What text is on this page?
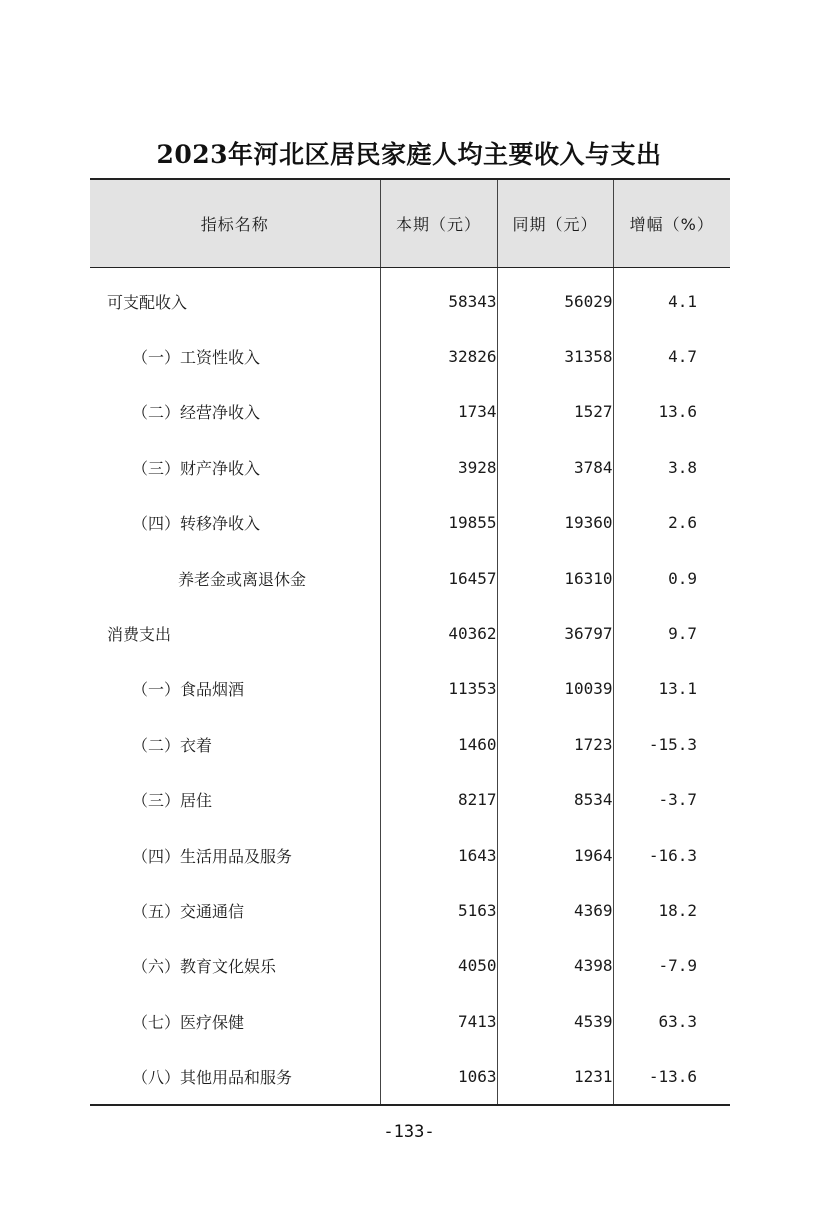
2023年河北区居民家庭人均主要收入与支出
指标名称	本期（元）	同期（元）	增幅（%）
可支配收入	58343	56029	4.1
（一）工资性收入	32826	31358	4.7
（二）经营净收入	1734	1527	13.6
（三）财产净收入	3928	3784	3.8
（四）转移净收入	19855	19360	2.6
养老金或离退休金	16457	16310	0.9
消费支出	40362	36797	9.7
（一）食品烟酒	11353	10039	13.1
（二）衣着	1460	1723	-15.3
（三）居住	8217	8534	-3.7
（四）生活用品及服务	1643	1964	-16.3
（五）交通通信	5163	4369	18.2
（六）教育文化娱乐	4050	4398	-7.9
（七）医疗保健	7413	4539	63.3
（八）其他用品和服务	1063	1231	-13.6
-133-
